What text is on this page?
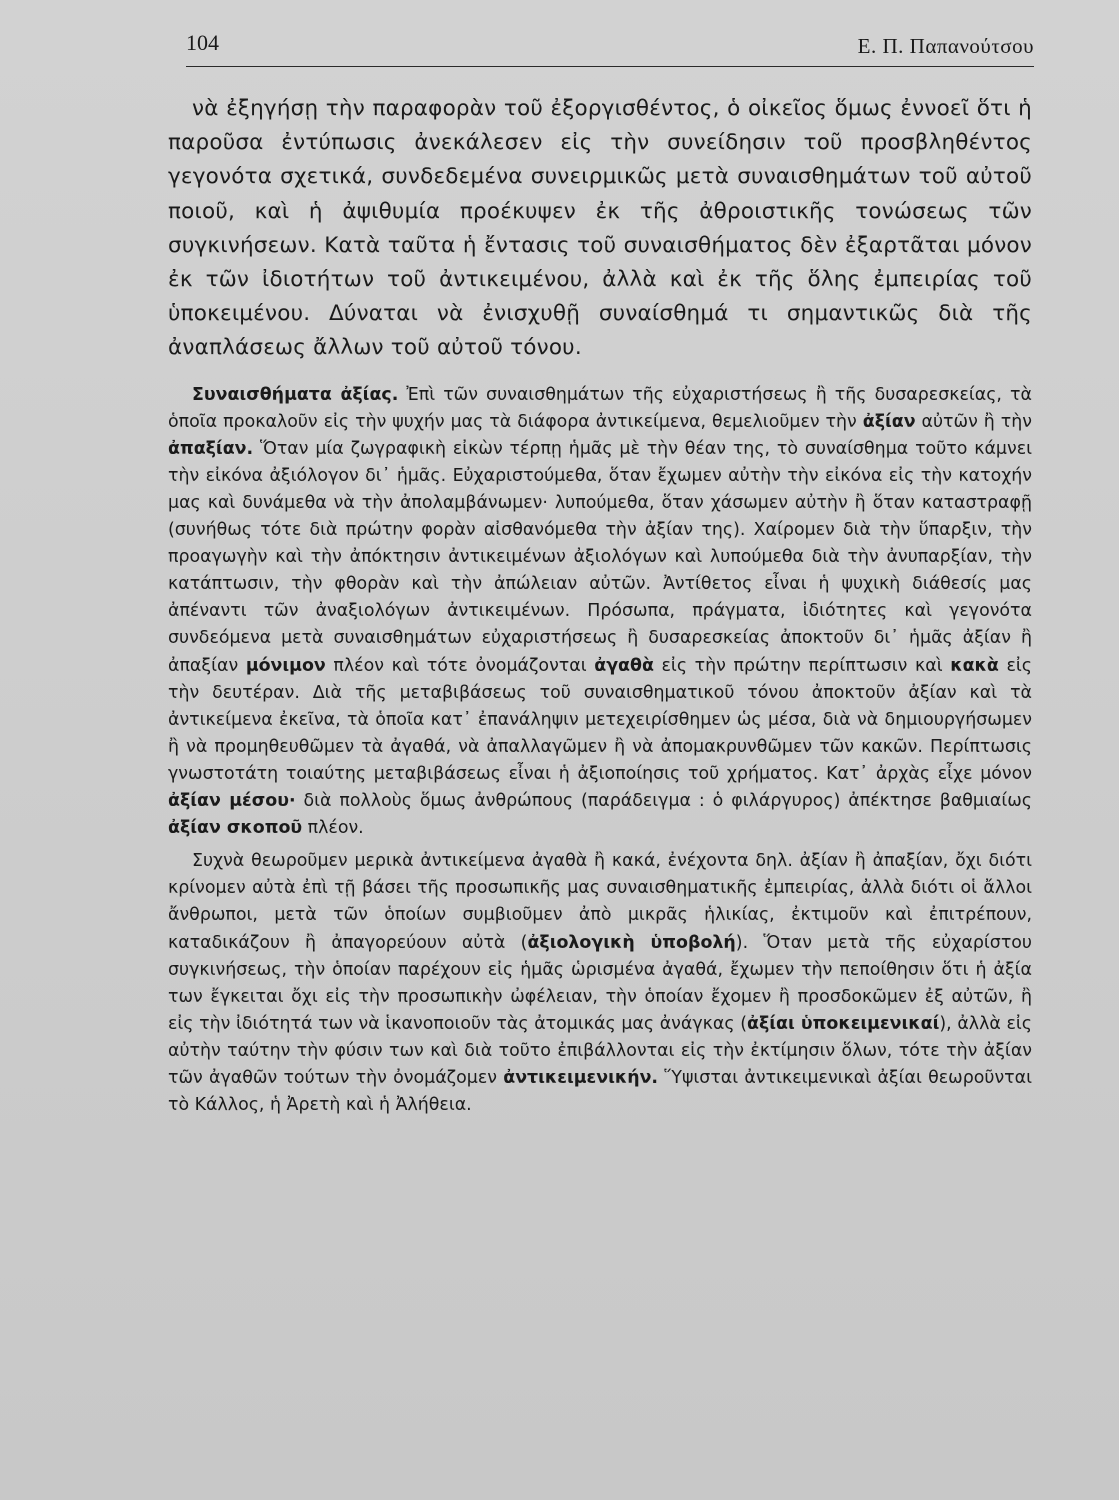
104	Ε. Π. Παπανούτσου

νὰ ἐξηγήσῃ τὴν παραφορὰν τοῦ ἐξοργισθέντος, ὁ οἰκεῖος ὅμως ἐννοεῖ ὅτι ἡ παροῦσα ἐντύπωσις ἀνεκάλεσεν εἰς τὴν συνείδησιν τοῦ προσβληθέντος γεγονότα σχετικά, συνδεδεμένα συνειρμικῶς μετὰ συναισθημάτων τοῦ αὐτοῦ ποιοῦ, καὶ ἡ ἀψιθυμία προέκυψεν ἐκ τῆς ἀθροιστικῆς τονώσεως τῶν συγκινήσεων. Κατὰ ταῦτα ἡ ἔντασις τοῦ συναισθήματος δὲν ἐξαρτᾶται μόνον ἐκ τῶν ἰδιοτήτων τοῦ ἀντικειμένου, ἀλλὰ καὶ ἐκ τῆς ὅλης ἐμπειρίας τοῦ ὑποκειμένου. Δύναται νὰ ἐνισχυθῇ συναίσθημά τι σημαντικῶς διὰ τῆς ἀναπλάσεως ἄλλων τοῦ αὐτοῦ τόνου.

Συναισθήματα ἀξίας. Ἐπὶ τῶν συναισθημάτων τῆς εὐχαριστήσεως ἢ τῆς δυσαρεσκείας, τὰ ὁποῖα προκαλοῦν εἰς τὴν ψυχήν μας τὰ διάφορα ἀντικείμενα, θεμελιοῦμεν τὴν ἀξίαν αὐτῶν ἢ τὴν ἀπαξίαν. Ὅταν μία ζωγραφικὴ εἰκὼν τέρπῃ ἡμᾶς μὲ τὴν θέαν της, τὸ συναίσθημα τοῦτο κάμνει τὴν εἰκόνα ἀξιόλογον δι᾽ ἡμᾶς. Εὐχαριστούμεθα, ὅταν ἔχωμεν αὐτὴν τὴν εἰκόνα εἰς τὴν κατοχήν μας καὶ δυνάμεθα νὰ τὴν ἀπολαμβάνωμεν· λυπούμεθα, ὅταν χάσωμεν αὐτὴν ἢ ὅταν καταστραφῇ (συνήθως τότε διὰ πρώτην φορὰν αἰσθανόμεθα τὴν ἀξίαν της). Χαίρομεν διὰ τὴν ὕπαρξιν, τὴν προαγωγὴν καὶ τὴν ἀπόκτησιν ἀντικειμένων ἀξιολόγων καὶ λυπούμεθα διὰ τὴν ἀνυπαρξίαν, τὴν κατάπτωσιν, τὴν φθορὰν καὶ τὴν ἀπώλειαν αὐτῶν. Ἀντίθετος εἶναι ἡ ψυχικὴ διάθεσίς μας ἀπέναντι τῶν ἀναξιολόγων ἀντικειμένων. Πρόσωπα, πράγματα, ἰδιότητες καὶ γεγονότα συνδεόμενα μετὰ συναισθημάτων εὐχαριστήσεως ἢ δυσαρεσκείας ἀποκτοῦν δι᾽ ἡμᾶς ἀξίαν ἢ ἀπαξίαν μόνιμον πλέον καὶ τότε ὀνομάζονται ἀγαθὰ εἰς τὴν πρώτην περίπτωσιν καὶ κακὰ εἰς τὴν δευτέραν. Διὰ τῆς μεταβιβάσεως τοῦ συναισθηματικοῦ τόνου ἀποκτοῦν ἀξίαν καὶ τὰ ἀντικείμενα ἐκεῖνα, τὰ ὁποῖα κατ᾽ ἐπανάληψιν μετεχειρίσθημεν ὡς μέσα, διὰ νὰ δημιουργήσωμεν ἢ νὰ προμηθευθῶμεν τὰ ἀγαθά, νὰ ἀπαλλαγῶμεν ἢ νὰ ἀπομακρυνθῶμεν τῶν κακῶν. Περίπτωσις γνωστοτάτη τοιαύτης μεταβιβάσεως εἶναι ἡ ἀξιοποίησις τοῦ χρήματος. Κατ᾽ ἀρχὰς εἶχε μόνον ἀξίαν μέσου· διὰ πολλοὺς ὅμως ἀνθρώπους (παράδειγμα : ὁ φιλάργυρος) ἀπέκτησε βαθμιαίως ἀξίαν σκοποῦ πλέον.

Συχνὰ θεωροῦμεν μερικὰ ἀντικείμενα ἀγαθὰ ἢ κακά, ἐνέχοντα δηλ. ἀξίαν ἢ ἀπαξίαν, ὄχι διότι κρίνομεν αὐτὰ ἐπὶ τῇ βάσει τῆς προσωπικῆς μας συναισθηματικῆς ἐμπειρίας, ἀλλὰ διότι οἱ ἄλλοι ἄνθρωποι, μετὰ τῶν ὁποίων συμβιοῦμεν ἀπὸ μικρᾶς ἡλικίας, ἐκτιμοῦν καὶ ἐπιτρέπουν, καταδικάζουν ἢ ἀπαγορεύουν αὐτὰ (ἀξιολογικὴ ὑποβολή). Ὅταν μετὰ τῆς εὐχαρίστου συγκινήσεως, τὴν ὁποίαν παρέχουν εἰς ἡμᾶς ὡρισμένα ἀγαθά, ἔχωμεν τὴν πεποίθησιν ὅτι ἡ ἀξία των ἔγκειται ὄχι εἰς τὴν προσωπικὴν ὠφέλειαν, τὴν ὁποίαν ἔχομεν ἢ προσδοκῶμεν ἐξ αὐτῶν, ἢ εἰς τὴν ἰδιότητά των νὰ ἱκανοποιοῦν τὰς ἀτομικάς μας ἀνάγκας (ἀξίαι ὑποκειμενικαί), ἀλλὰ εἰς αὐτὴν ταύτην τὴν φύσιν των καὶ διὰ τοῦτο ἐπιβάλλονται εἰς τὴν ἐκτίμησιν ὅλων, τότε τὴν ἀξίαν τῶν ἀγαθῶν τούτων τὴν ὀνομάζομεν ἀντικειμενικήν. Ὕψισται ἀντικειμενικαὶ ἀξίαι θεωροῦνται τὸ Κάλλος, ἡ Ἀρετὴ καὶ ἡ Ἀλήθεια.
